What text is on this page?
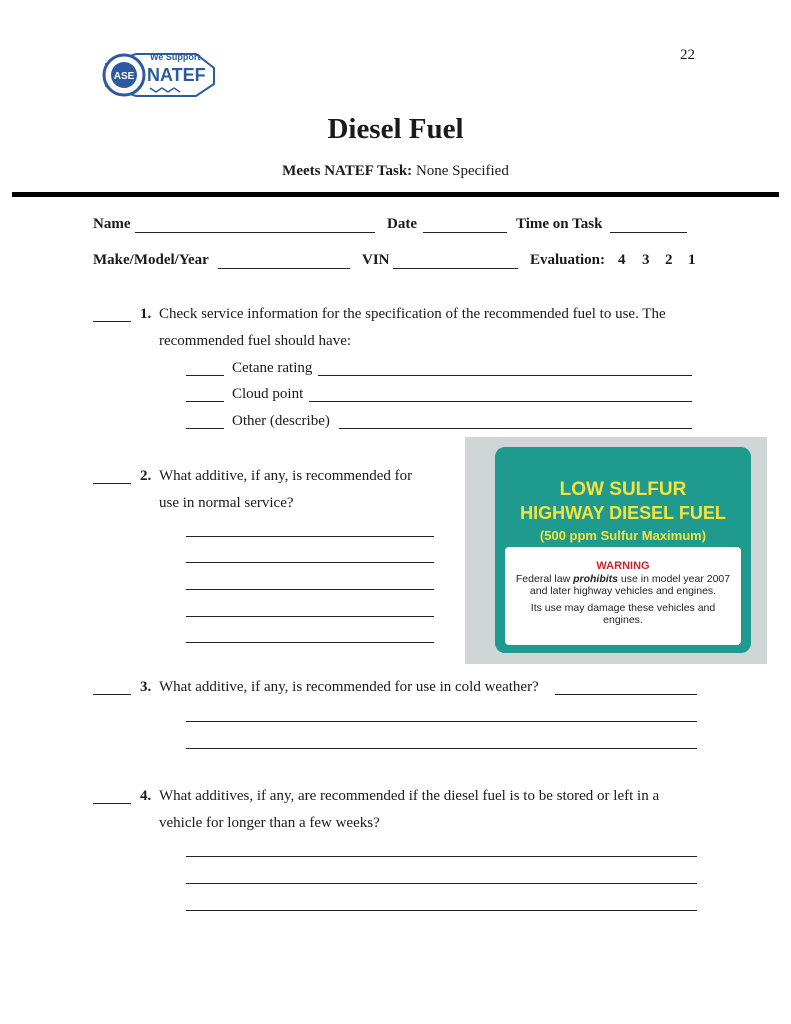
ASE
We Support
NATEF
22
Diesel Fuel
Meets NATEF Task: None Specified
Name	Date	Time on Task
Make/Model/Year	VIN	Evaluation: 4 3 2 1
1. Check service information for the specification of the recommended fuel to use. The
recommended fuel should have:
Cetane rating
Cloud point
Other (describe)
2. What additive, if any, is recommended for
use in normal service?
LOW SULFUR
HIGHWAY DIESEL FUEL
(500 ppm Sulfur Maximum)
WARNING
Federal law prohibits use in model year 2007 and later highway vehicles and engines.
Its use may damage these vehicles and engines.
3. What additive, if any, is recommended for use in cold weather?
4. What additives, if any, are recommended if the diesel fuel is to be stored or left in a
vehicle for longer than a few weeks?
